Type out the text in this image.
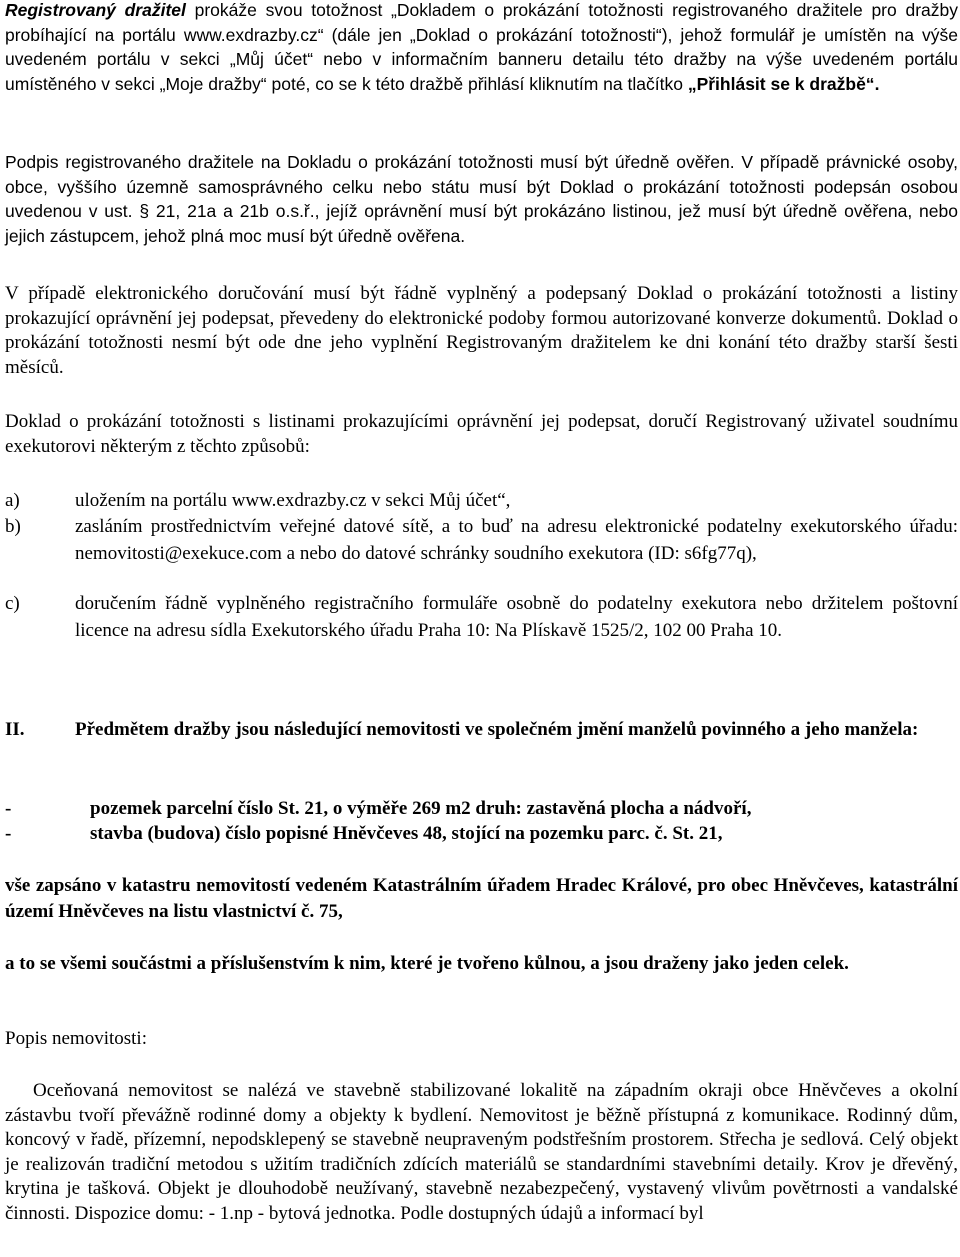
Registrovaný dražitel prokáže svou totožnost „Dokladem o prokázání totožnosti registrovaného dražitele pro dražby probíhající na portálu www.exdrazby.cz“ (dále jen „Doklad o prokázání totožnosti“), jehož formulář je umístěn na výše uvedeném portálu v sekci „Můj účet“ nebo v informačním banneru detailu této dražby na výše uvedeném portálu umístěného v sekci „Moje dražby“ poté, co se k této dražbě přihlásí kliknutím na tlačítko „Přihlásit se k dražbě“.

Podpis registrovaného dražitele na Dokladu o prokázání totožnosti musí být úředně ověřen. V případě právnické osoby, obce, vyššího územně samosprávného celku nebo státu musí být Doklad o prokázání totožnosti podepsán osobou uvedenou v ust. § 21, 21a a 21b o.s.ř., jejíž oprávnění musí být prokázáno listinou, jež musí být úředně ověřena, nebo jejich zástupcem, jehož plná moc musí být úředně ověřena.

V případě elektronického doručování musí být řádně vyplněný a podepsaný Doklad o prokázání totožnosti a listiny prokazující oprávnění jej podepsat, převedeny do elektronické podoby formou autorizované konverze dokumentů. Doklad o prokázání totožnosti nesmí být ode dne jeho vyplnění Registrovaným dražitelem ke dni konání této dražby starší šesti měsíců.

Doklad o prokázání totožnosti s listinami prokazujícími oprávnění jej podepsat, doručí Registrovaný uživatel soudnímu exekutorovi některým z těchto způsobů:

a)	uložením na portálu www.exdrazby.cz v sekci Můj účet“,
b)	zasláním prostřednictvím veřejné datové sítě, a to buď na adresu elektronické podatelny exekutorského úřadu: nemovitosti@exekuce.com a nebo do datové schránky soudního exekutora (ID: s6fg77q),
c)	doručením řádně vyplněného registračního formuláře osobně do podatelny exekutora nebo držitelem poštovní licence na adresu sídla Exekutorského úřadu Praha 10: Na Plískavě 1525/2, 102 00 Praha 10.
II.	Předmětem dražby jsou následující nemovitosti ve společném jmění manželů povinného a jeho manžela:
-	pozemek parcelní číslo St. 21, o výměře 269 m2 druh: zastavěná plocha a nádvoří,
-	stavba (budova) číslo popisné Hněvčeves 48, stojící na pozemku parc. č. St. 21,

vše zapsáno v katastru nemovitostí vedeném Katastrálním úřadem Hradec Králové, pro obec Hněvčeves, katastrální území Hněvčeves na listu vlastnictví č. 75,

a to se všemi součástmi a příslušenstvím k nim, které je tvořeno kůlnou, a jsou draženy jako jeden celek.

Popis nemovitosti:

Oceňovaná nemovitost se nalézá ve stavebně stabilizované lokalitě na západním okraji obce Hněvčeves a okolní zástavbu tvoří převážně rodinné domy a objekty k bydlení. Nemovitost je běžně přístupná z komunikace. Rodinný dům, koncový v řadě, přízemní, nepodsklepený se stavebně neupraveným podstřešním prostorem. Střecha je sedlová. Celý objekt je realizován tradiční metodou s užitím tradičních zdících materiálů se standardními stavebními detaily. Krov je dřevěný, krytina je tašková. Objekt je dlouhodobě neužívaný, stavebně nezabezpečený, vystavený vlivům povětrnosti a vandalské činnosti. Dispozice domu: - 1.np - bytová jednotka. Podle dostupných údajů a informací byl
